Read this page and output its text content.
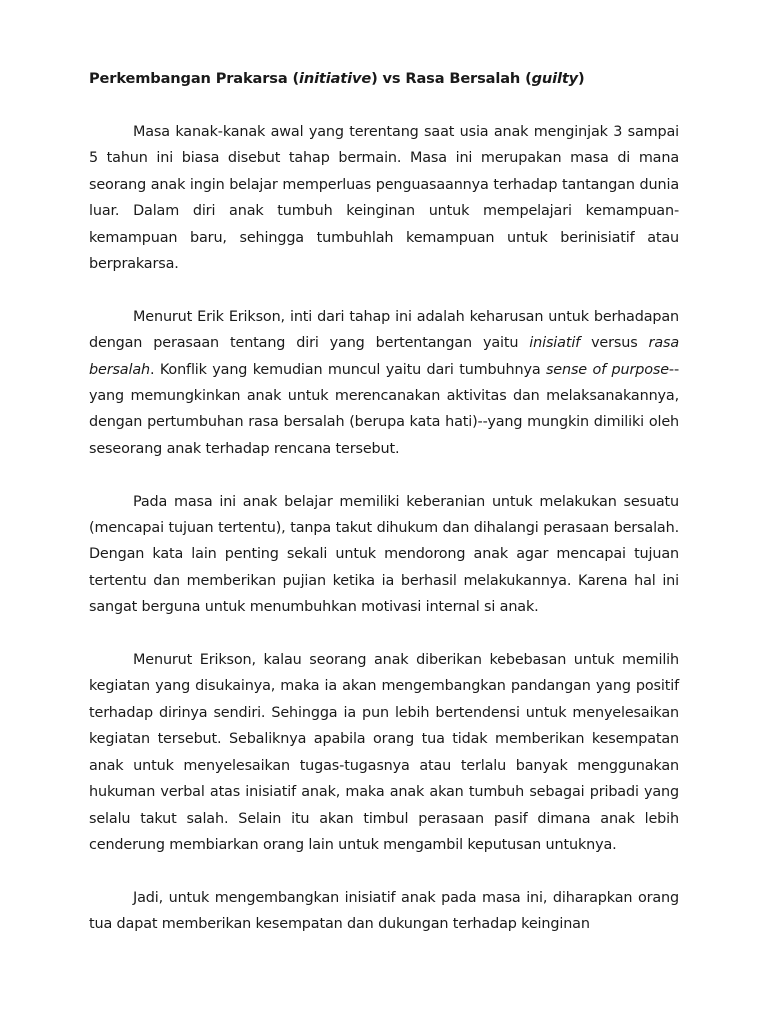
Perkembangan Prakarsa (initiative) vs Rasa Bersalah (guilty)

Masa kanak-kanak awal yang terentang saat usia anak menginjak 3 sampai 5 tahun ini biasa disebut tahap bermain. Masa ini merupakan masa di mana seorang anak ingin belajar memperluas penguasaannya terhadap tantangan dunia luar. Dalam diri anak tumbuh keinginan untuk mempelajari kemampuan-kemampuan baru, sehingga tumbuhlah kemampuan untuk berinisiatif atau berprakarsa.

Menurut Erik Erikson, inti dari tahap ini adalah keharusan untuk berhadapan dengan perasaan tentang diri yang bertentangan yaitu inisiatif versus rasa bersalah. Konflik yang kemudian muncul yaitu dari tumbuhnya sense of purpose--yang memungkinkan anak untuk merencanakan aktivitas dan melaksanakannya, dengan pertumbuhan rasa bersalah (berupa kata hati)--yang mungkin dimiliki oleh seseorang anak terhadap rencana tersebut.

Pada masa ini anak belajar memiliki keberanian untuk melakukan sesuatu (mencapai tujuan tertentu), tanpa takut dihukum dan dihalangi perasaan bersalah. Dengan kata lain penting sekali untuk mendorong anak agar mencapai tujuan tertentu dan memberikan pujian ketika ia berhasil melakukannya. Karena hal ini sangat berguna untuk menumbuhkan motivasi internal si anak.

Menurut Erikson, kalau seorang anak diberikan kebebasan untuk memilih kegiatan yang disukainya, maka ia akan mengembangkan pandangan yang positif terhadap dirinya sendiri. Sehingga ia pun lebih bertendensi untuk menyelesaikan kegiatan tersebut. Sebaliknya apabila orang tua tidak memberikan kesempatan anak untuk menyelesaikan tugas-tugasnya atau terlalu banyak menggunakan hukuman verbal atas inisiatif anak, maka anak akan tumbuh sebagai pribadi yang selalu takut salah. Selain itu akan timbul perasaan pasif dimana anak lebih cenderung membiarkan orang lain untuk mengambil keputusan untuknya.

Jadi, untuk mengembangkan inisiatif anak pada masa ini, diharapkan orang tua dapat memberikan kesempatan dan dukungan terhadap keinginan
